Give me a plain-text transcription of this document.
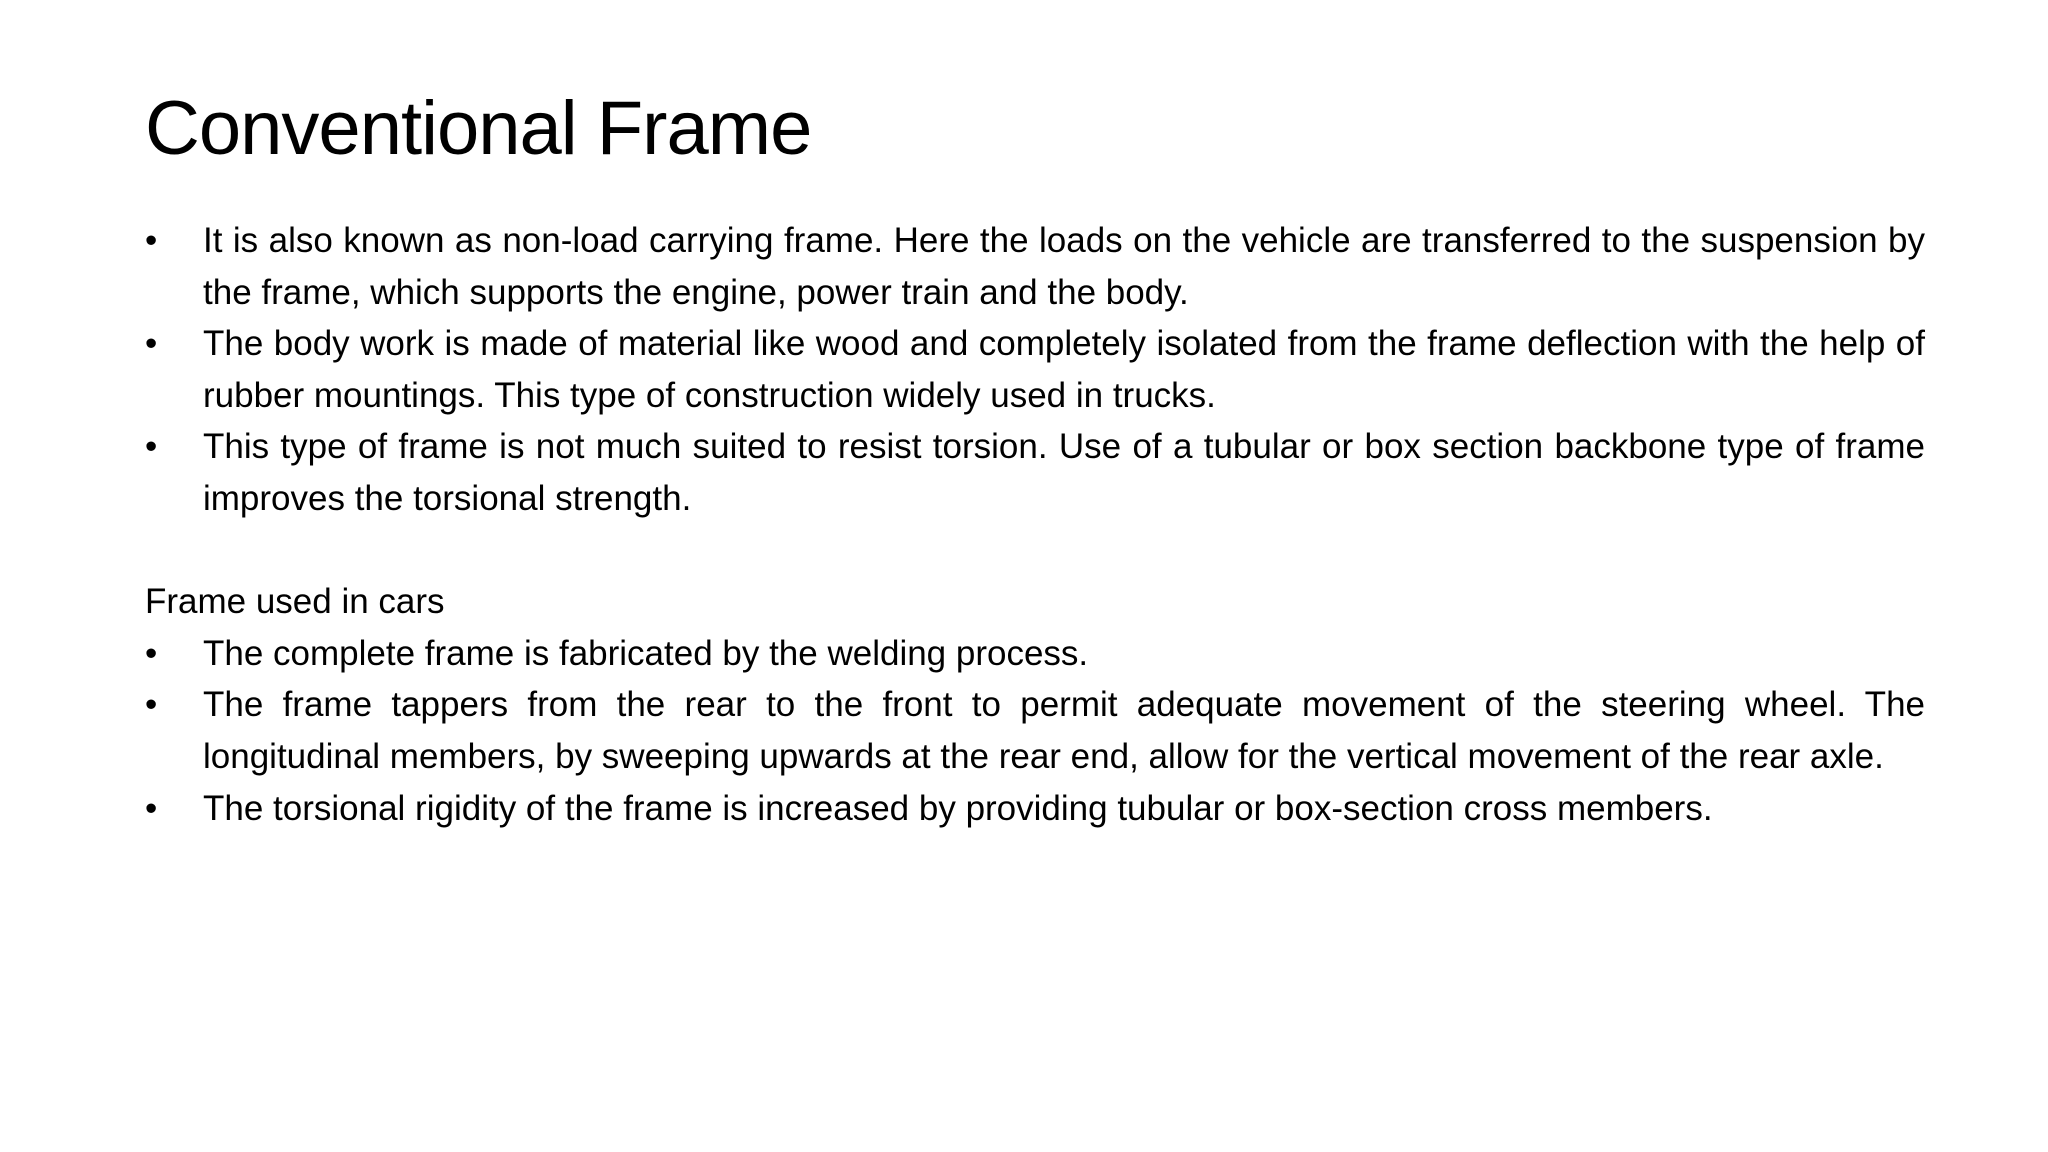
Conventional Frame
• It is also known as non-load carrying frame. Here the loads on the vehicle are transferred to the suspension by the frame, which supports the engine, power train and the body.
• The body work is made of material like wood and completely isolated from the frame deflection with the help of rubber mountings. This type of construction widely used in trucks.
• This type of frame is not much suited to resist torsion. Use of a tubular or box section backbone type of frame improves the torsional strength.

Frame used in cars

• The complete frame is fabricated by the welding process.
• The frame tappers from the rear to the front to permit adequate movement of the steering wheel. The longitudinal members, by sweeping upwards at the rear end, allow for the vertical movement of the rear axle.
• The torsional rigidity of the frame is increased by providing tubular or box-section cross members.
